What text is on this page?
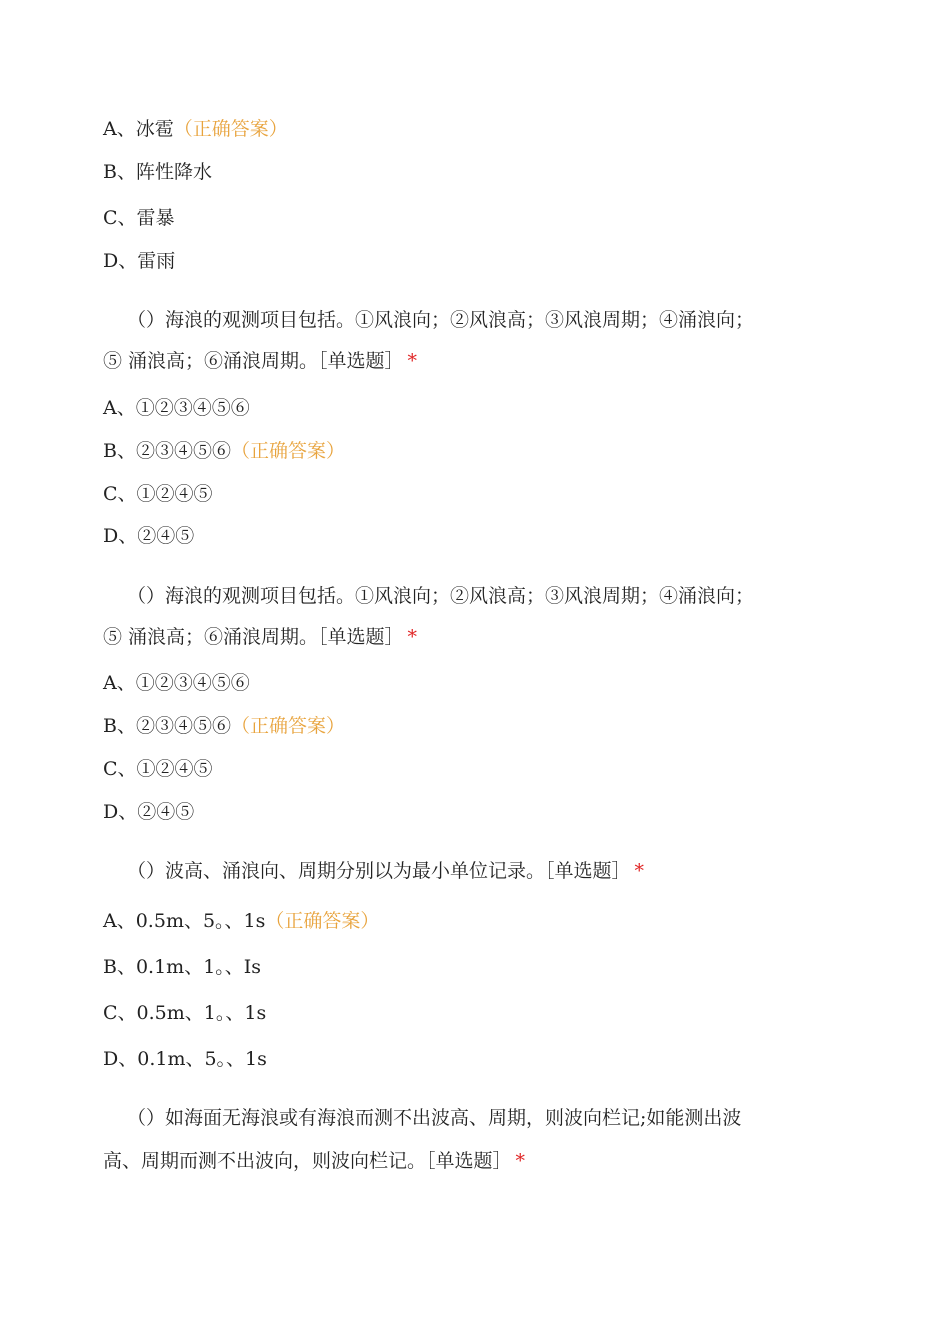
A、冰雹（正确答案）
B、阵性降水
C、雷暴
D、雷雨
（）海浪的观测项目包括。①风浪向；②风浪高；③风浪周期；④涌浪向；
⑤ 涌浪高；⑥涌浪周期。［单选题］ *
A、①②③④⑤⑥
B、②③④⑤⑥（正确答案）
C、①②④⑤
D、②④⑤
（）海浪的观测项目包括。①风浪向；②风浪高；③风浪周期；④涌浪向；
⑤ 涌浪高；⑥涌浪周期。［单选题］ *
A、①②③④⑤⑥
B、②③④⑤⑥（正确答案）
C、①②④⑤
D、②④⑤
（）波高、涌浪向、周期分别以为最小单位记录。［单选题］ *
A、0.5m、5。、1s（正确答案）
B、0.1m、1。、Is
C、0.5m、1。、1s
D、0.1m、5。、1s
（）如海面无海浪或有海浪而测不出波高、周期，则波向栏记;如能测出波
高、周期而测不出波向，则波向栏记。［单选题］ *
